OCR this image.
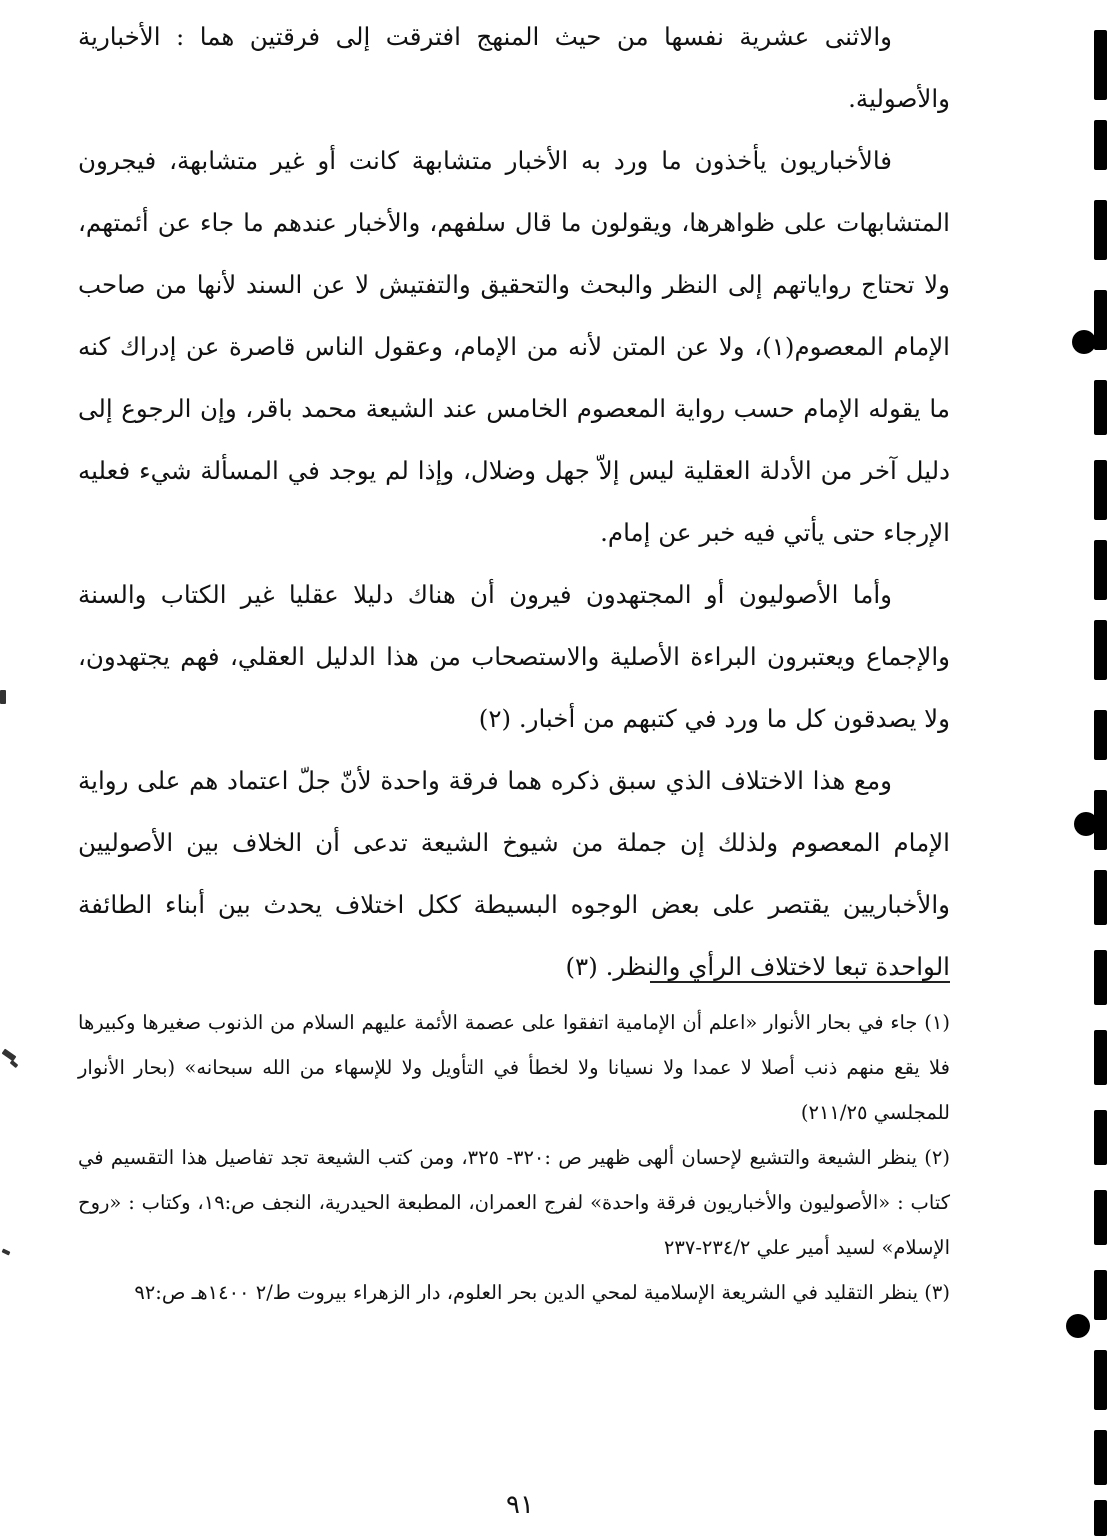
والاثنى عشرية نفسها من حيث المنهج افترقت إلى فرقتين هما : الأخبارية والأصولية.

فالأخباريون يأخذون ما ورد به الأخبار متشابهة كانت أو غير متشابهة، فيجرون المتشابهات على ظواهرها، ويقولون ما قال سلفهم، والأخبار عندهم ما جاء عن أئمتهم، ولا تحتاج رواياتهم إلى النظر والبحث والتحقيق والتفتيش لا عن السند لأنها من صاحب الإمام المعصوم(١)، ولا عن المتن لأنه من الإمام، وعقول الناس قاصرة عن إدراك كنه ما يقوله الإمام حسب رواية المعصوم الخامس عند الشيعة محمد باقر، وإن الرجوع إلى دليل آخر من الأدلة العقلية ليس إلاّ جهل وضلال، وإذا لم يوجد في المسألة شيء فعليه الإرجاء حتى يأتي فيه خبر عن إمام.

وأما الأصوليون أو المجتهدون فيرون أن هناك دليلا عقليا غير الكتاب والسنة والإجماع ويعتبرون البراءة الأصلية والاستصحاب من هذا الدليل العقلي، فهم يجتهدون، ولا يصدقون كل ما ورد في كتبهم من أخبار. (٢)

ومع هذا الاختلاف الذي سبق ذكره هما فرقة واحدة لأنّ جلّ اعتماد هم على رواية الإمام المعصوم ولذلك إن جملة من شيوخ الشيعة تدعى أن الخلاف بين الأصوليين والأخباريين يقتصر على بعض الوجوه البسيطة ككل اختلاف يحدث بين أبناء الطائفة الواحدة تبعا لاختلاف الرأي والنظر. (٣)

(١) جاء في بحار الأنوار «اعلم أن الإمامية اتفقوا على عصمة الأئمة عليهم السلام من الذنوب صغيرها وكبيرها فلا يقع منهم ذنب أصلا لا عمدا ولا نسيانا ولا لخطأ في التأويل ولا للإسهاء من الله سبحانه» (بحار الأنوار للمجلسي ٢١١/٢٥)

(٢) ينظر الشيعة والتشيع لإحسان ألهى ظهير ص :٣٢٠- ٣٢٥، ومن كتب الشيعة تجد تفاصيل هذا التقسيم في كتاب : «الأصوليون والأخباريون فرقة واحدة» لفرج العمران، المطبعة الحيدرية، النجف ص:١٩، وكتاب : «روح الإسلام» لسيد أمير علي ٢٣٤/٢-٢٣٧

(٣) ينظر التقليد في الشريعة الإسلامية لمحي الدين بحر العلوم، دار الزهراء بيروت ط/٢ ١٤٠٠هـ ص:٩٢

٩١
